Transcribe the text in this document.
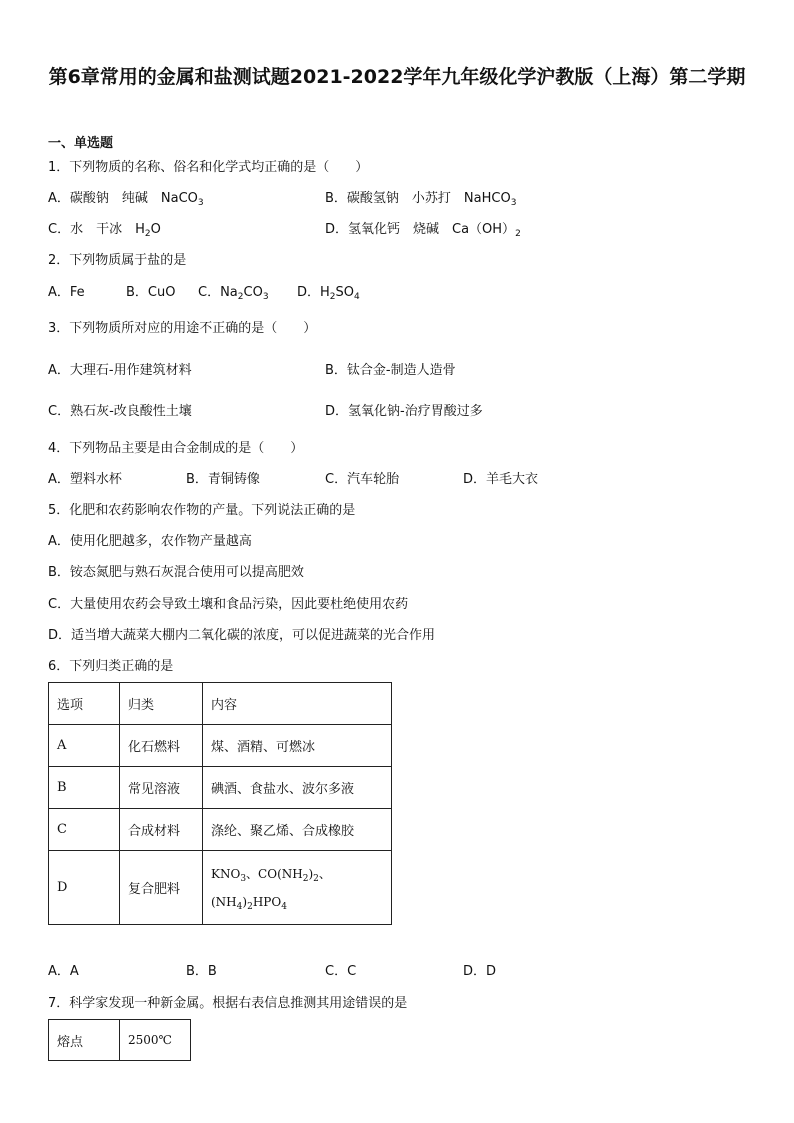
第6章常用的金属和盐测试题2021-2022学年九年级化学沪教版（上海）第二学期
一、单选题
1．下列物质的名称、俗名和化学式均正确的是（　　）
A．碳酸钠　纯碱　NaCO$_3$	B．碳酸氢钠　小苏打　NaHCO$_3$
C．水　干冰　$H_2O$	D．氢氧化钙　烧碱　$Ca(OH)_2$
2．下列物质属于盐的是
A．Fe	B．CuO C．$Na_2CO_3$ D．$H_2SO_4$
3．下列物质所对应的用途不正确的是（　　）
A．大理石-用作建筑材料	B．钛合金-制造人造骨
C．熟石灰-改良酸性土壤	D．氢氧化钠-治疗胃酸过多
4．下列物品主要是由合金制成的是（　　）
A．塑料水杯	B．青铜铸像	C．汽车轮胎	D．羊毛大衣
5．化肥和农药影响农作物的产量。下列说法正确的是
A．使用化肥越多，农作物产量越高
B．铵态氮肥与熟石灰混合使用可以提高肥效
C．大量使用农药会导致土壤和食品污染，因此要杜绝使用农药
D．适当增大蔬菜大棚内二氧化碳的浓度，可以促进蔬菜的光合作用
6．下列归类正确的是
选项	归类	内容
A	化石燃料	煤、酒精、可燃冰
B	常见溶液	碘酒、食盐水、波尔多液
C	合成材料	涤纶、聚乙烯、合成橡胶
D	复合肥料	$KNO_3$、$CO(NH_2)_2$、
$(NH_4)_2HPO_4$
A．A	B．B	C．C	D．D
7．科学家发现一种新金属。根据右表信息推测其用途错误的是
熔点	2500℃
